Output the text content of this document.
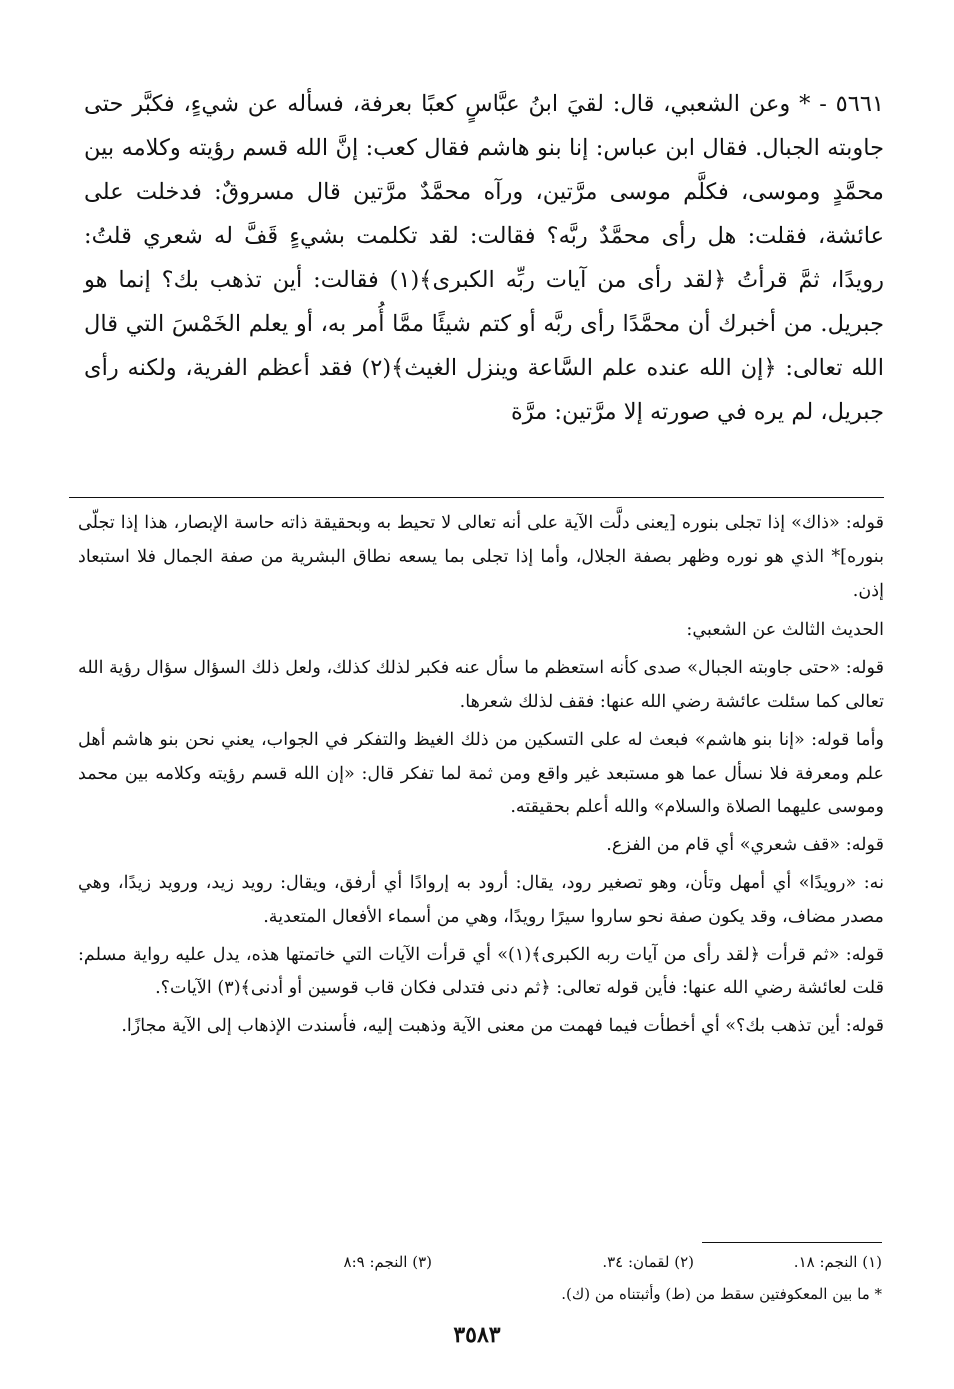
٥٦٦١ - * وعن الشعبي، قال: لقيَ ابنُ عبَّاسٍ كعبًا بعرفة، فسأله عن شيءٍ، فكبَّر حتى جاوبته الجبال. فقال ابن عباس: إنا بنو هاشم فقال كعب: إنَّ الله قسم رؤيته وكلامه بين محمَّدٍ وموسى، فكلَّم موسى مرَّتين، ورآه محمَّدٌ مرَّتين قال مسروقٌ: فدخلت على عائشة، فقلت: هل رأى محمَّدٌ ربَّه؟ فقالت: لقد تكلمت بشيءٍ قَفَّ له شعري قلتُ: رويدًا، ثمَّ قرأتُ ﴿لقد رأى من آيات ربِّه الكبرى﴾(١) فقالت: أين تذهب بك؟ إنما هو جبريل. من أخبرك أن محمَّدًا رأى ربَّه أو كتم شيئًا ممَّا أُمر به، أو يعلم الخَمْسَ التي قال الله تعالى: ﴿إن الله عنده علم السَّاعة وينزل الغيث﴾(٢) فقد أعظم الفرية، ولكنه رأى جبريل، لم يره في صورته إلا مرَّتين: مرَّة

قوله: «ذاك» إذا تجلى بنوره [يعنى دلَّت الآية على أنه تعالى لا تحيط به وبحقيقة ذاته حاسة الإبصار، هذا إذا تجلّى بنوره]* الذي هو نوره وظهر بصفة الجلال، وأما إذا تجلى بما يسعه نطاق البشرية من صفة الجمال فلا استبعاد إذن.

الحديث الثالث عن الشعبي:

قوله: «حتى جاوبته الجبال» صدى كأنه استعظم ما سأل عنه فكبر لذلك كذلك، ولعل ذلك السؤال سؤال رؤية الله تعالى كما سئلت عائشة رضي الله عنها: فقف لذلك شعرها.

وأما قوله: «إنا بنو هاشم» فبعث له على التسكين من ذلك الغيظ والتفكر في الجواب، يعني نحن بنو هاشم أهل علم ومعرفة فلا نسأل عما هو مستبعد غير واقع ومن ثمة لما تفكر قال: «إن الله قسم رؤيته وكلامه بين محمد وموسى عليهما الصلاة والسلام» والله أعلم بحقيقته.

قوله: «قف شعري» أي قام من الفزع.

نه: «رويدًا» أي أمهل وتأن، وهو تصغير رود، يقال: أرود به إروادًا أي أرفق، ويقال: رويد زيد، ورويد زيدًا، وهي مصدر مضاف، وقد يكون صفة نحو ساروا سيرًا رويدًا، وهي من أسماء الأفعال المتعدية.

قوله: «ثم قرأت ﴿لقد رأى من آيات ربه الكبرى﴾(١)» أي قرأت الآيات التي خاتمتها هذه، يدل عليه رواية مسلم: قلت لعائشة رضي الله عنها: فأين قوله تعالى: ﴿ثم دنى فتدلى فكان قاب قوسين أو أدنى﴾(٣) الآيات؟.

قوله: أين تذهب بك؟» أي أخطأت فيما فهمت من معنى الآية وذهبت إليه، فأسندت الإذهاب إلى الآية مجازًا.

(١) النجم: ١٨.
(٢) لقمان: ٣٤.
(٣) النجم: ٨:٩
* ما بين المعكوفتين سقط من (ط) وأثبتناه من (ك).
٣٥٨٣
